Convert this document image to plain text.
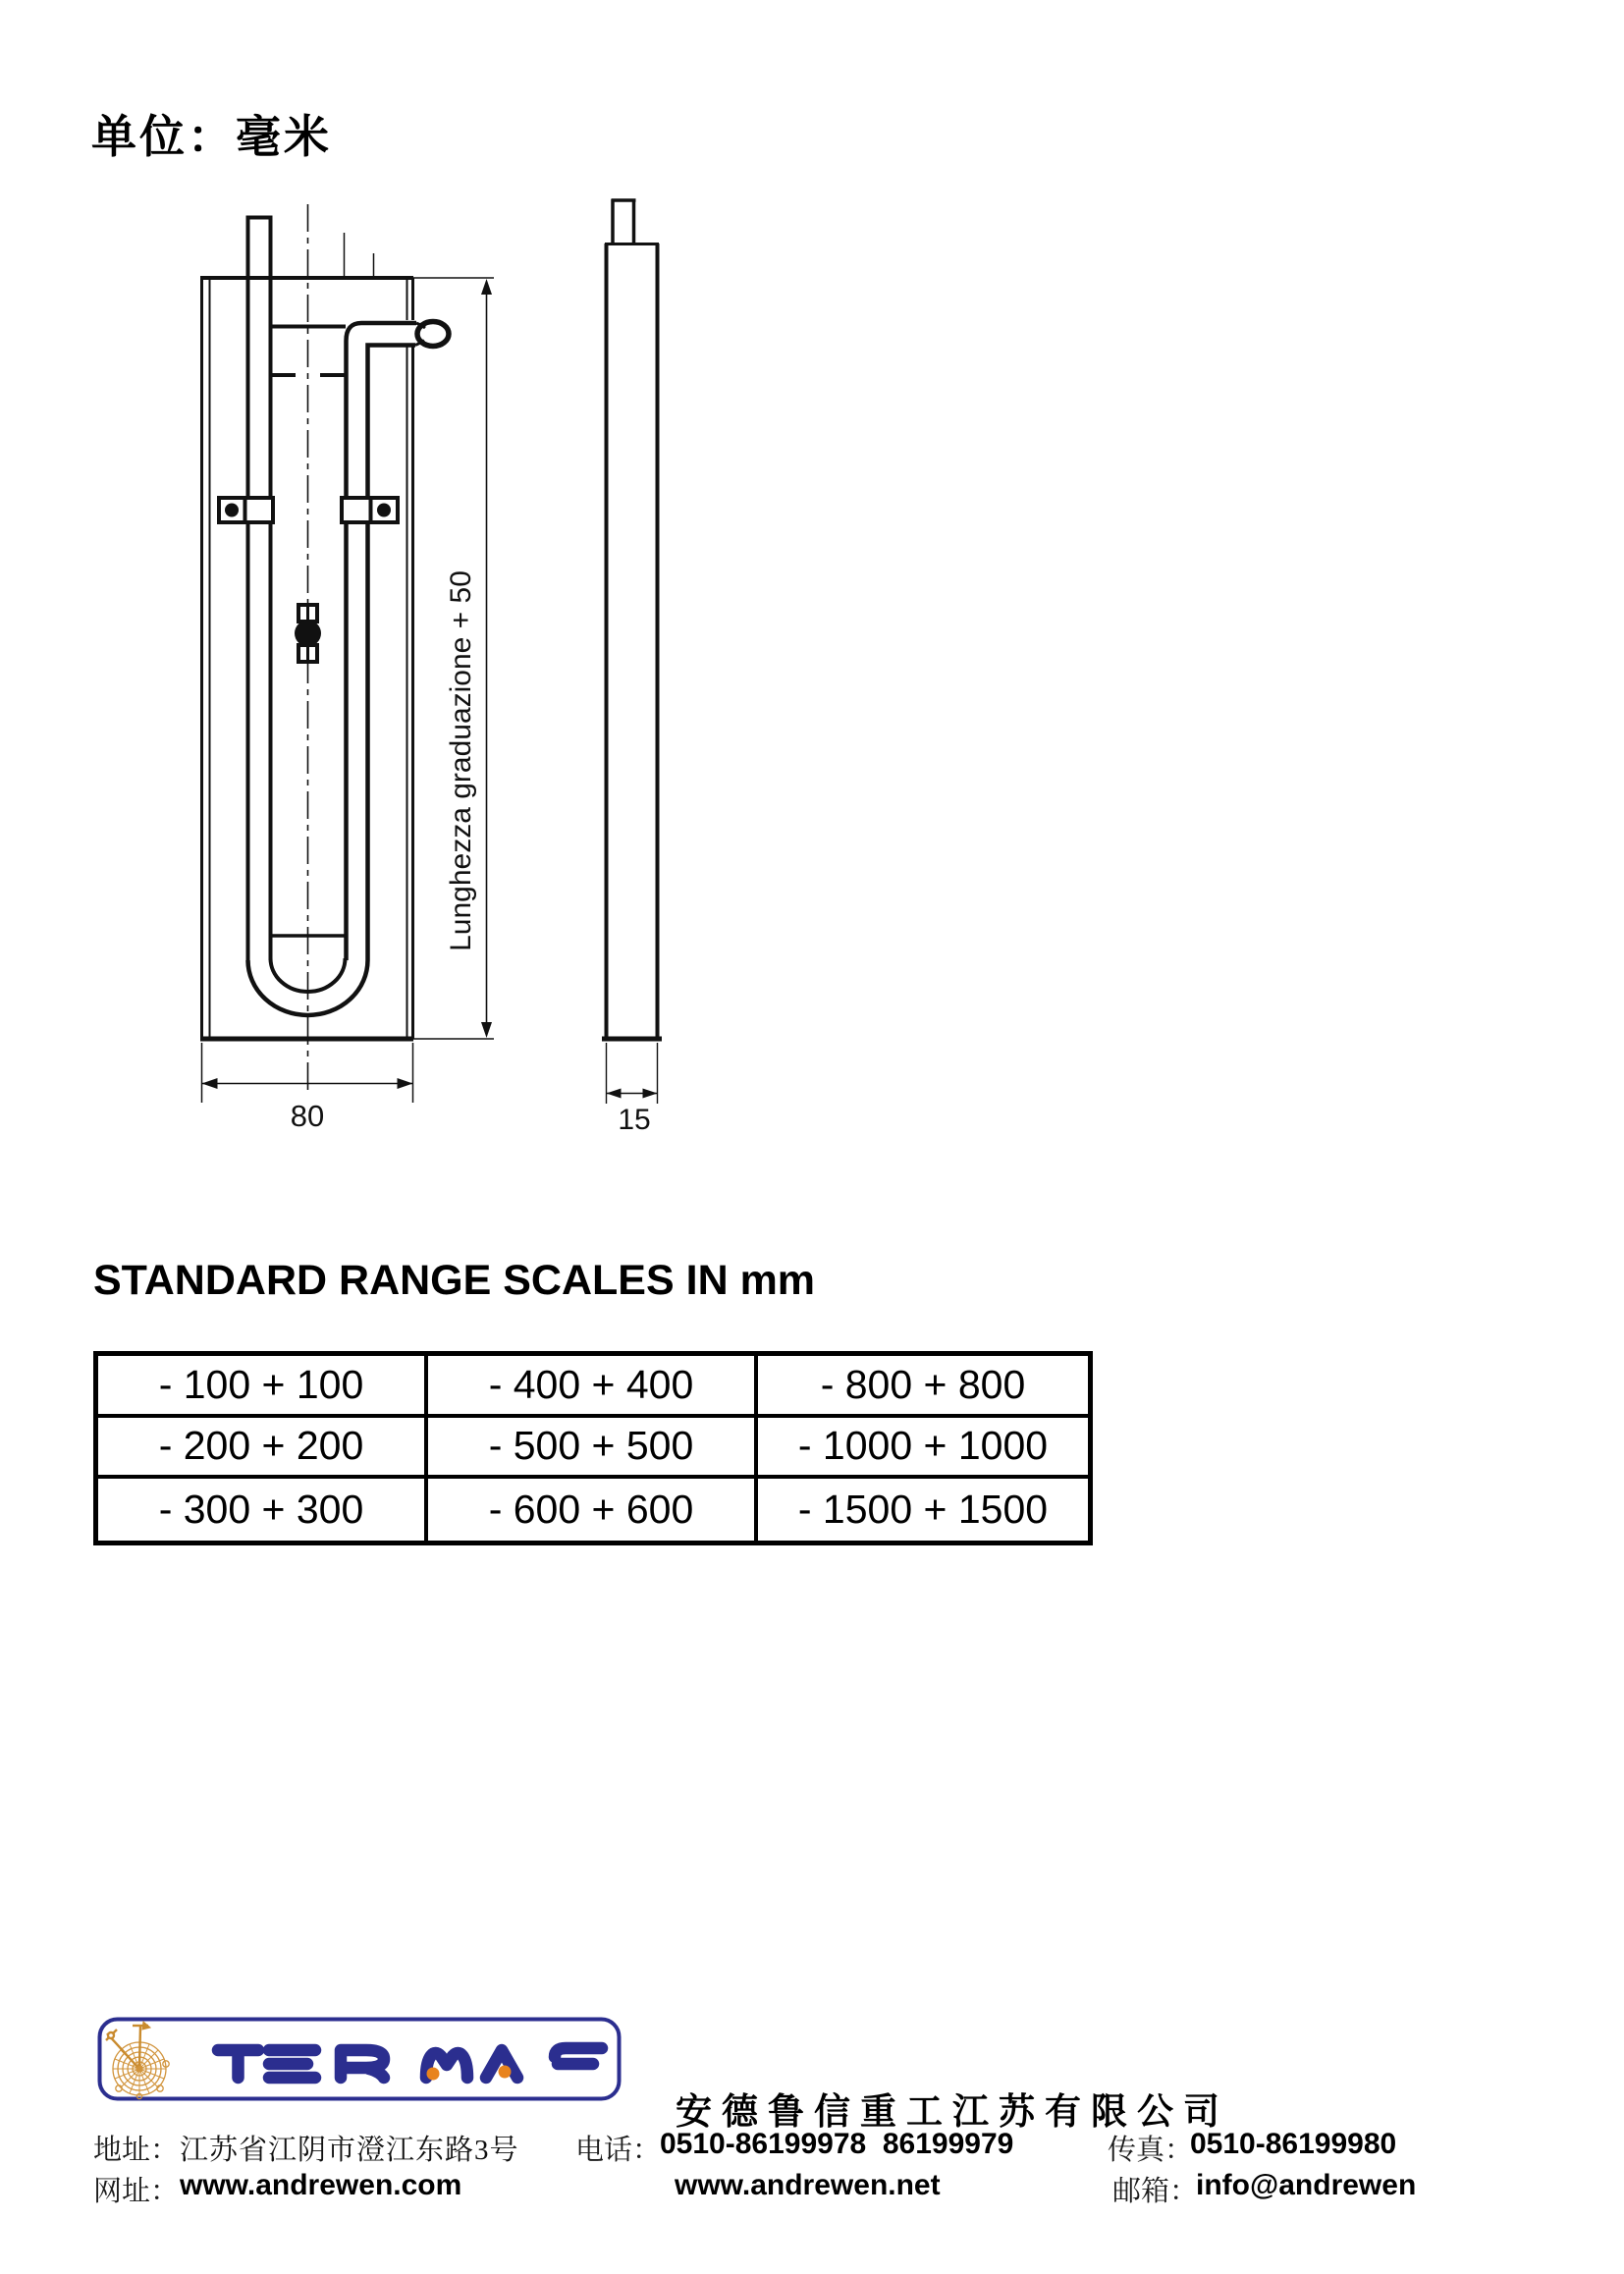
单位：毫米
Lunghezza graduazione + 50
80	15
STANDARD RANGE SCALES IN mm
- 100 + 100	- 400 + 400	- 800 + 800
- 200 + 200	- 500 + 500	- 1000 + 1000
- 300 + 300	- 600 + 600	- 1500 + 1500
安德鲁信重工江苏有限公司
地址： 江苏省江阴市澄江东路3号 电话：
0510-86199978  86199979	传真：
0510-86199980
网址： www.andrewen.com	www.andrewen.net	邮箱：
info@andrewen
